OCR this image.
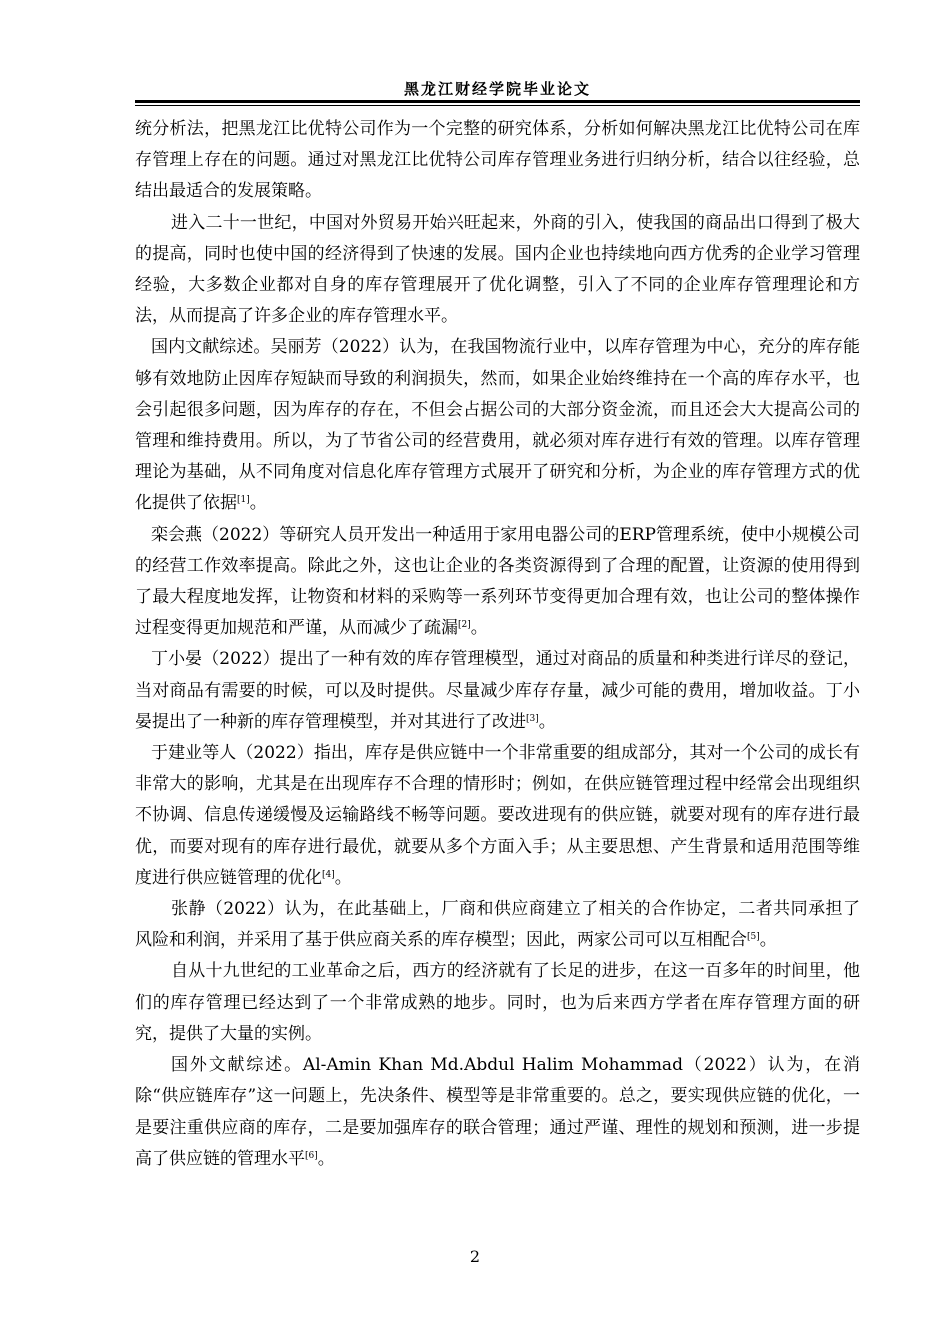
黑龙江财经学院毕业论文

统分析法，把黑龙江比优特公司作为一个完整的研究体系，分析如何解决黑龙江比优特公司在库存管理上存在的问题。通过对黑龙江比优特公司库存管理业务进行归纳分析，结合以往经验，总结出最适合的发展策略。

进入二十一世纪，中国对外贸易开始兴旺起来，外商的引入，使我国的商品出口得到了极大的提高，同时也使中国的经济得到了快速的发展。国内企业也持续地向西方优秀的企业学习管理经验，大多数企业都对自身的库存管理展开了优化调整，引入了不同的企业库存管理理论和方法，从而提高了许多企业的库存管理水平。

国内文献综述。吴丽芳（2022）认为，在我国物流行业中，以库存管理为中心，充分的库存能够有效地防止因库存短缺而导致的利润损失，然而，如果企业始终维持在一个高的库存水平，也会引起很多问题，因为库存的存在，不但会占据公司的大部分资金流，而且还会大大提高公司的管理和维持费用。所以，为了节省公司的经营费用，就必须对库存进行有效的管理。以库存管理理论为基础，从不同角度对信息化库存管理方式展开了研究和分析，为企业的库存管理方式的优化提供了依据[1]。

栾会燕（2022）等研究人员开发出一种适用于家用电器公司的ERP管理系统，使中小规模公司的经营工作效率提高。除此之外，这也让企业的各类资源得到了合理的配置，让资源的使用得到了最大程度地发挥，让物资和材料的采购等一系列环节变得更加合理有效，也让公司的整体操作过程变得更加规范和严谨，从而减少了疏漏[2]。

丁小晏（2022）提出了一种有效的库存管理模型，通过对商品的质量和种类进行详尽的登记，当对商品有需要的时候，可以及时提供。尽量减少库存存量，减少可能的费用，增加收益。丁小晏提出了一种新的库存管理模型，并对其进行了改进[3]。

于建业等人（2022）指出，库存是供应链中一个非常重要的组成部分，其对一个公司的成长有非常大的影响，尤其是在出现库存不合理的情形时；例如，在供应链管理过程中经常会出现组织不协调、信息传递缓慢及运输路线不畅等问题。要改进现有的供应链，就要对现有的库存进行最优，而要对现有的库存进行最优，就要从多个方面入手；从主要思想、产生背景和适用范围等维度进行供应链管理的优化[4]。

张静（2022）认为，在此基础上，厂商和供应商建立了相关的合作协定，二者共同承担了风险和利润，并采用了基于供应商关系的库存模型；因此，两家公司可以互相配合[5]。

自从十九世纪的工业革命之后，西方的经济就有了长足的进步，在这一百多年的时间里，他们的库存管理已经达到了一个非常成熟的地步。同时，也为后来西方学者在库存管理方面的研究，提供了大量的实例。

国外文献综述。Al-Amin Khan Md.Abdul Halim Mohammad（2022）认为，在消除“供应链库存”这一问题上，先决条件、模型等是非常重要的。总之，要实现供应链的优化，一是要注重供应商的库存，二是要加强库存的联合管理；通过严谨、理性的规划和预测，进一步提高了供应链的管理水平[6]。

2
